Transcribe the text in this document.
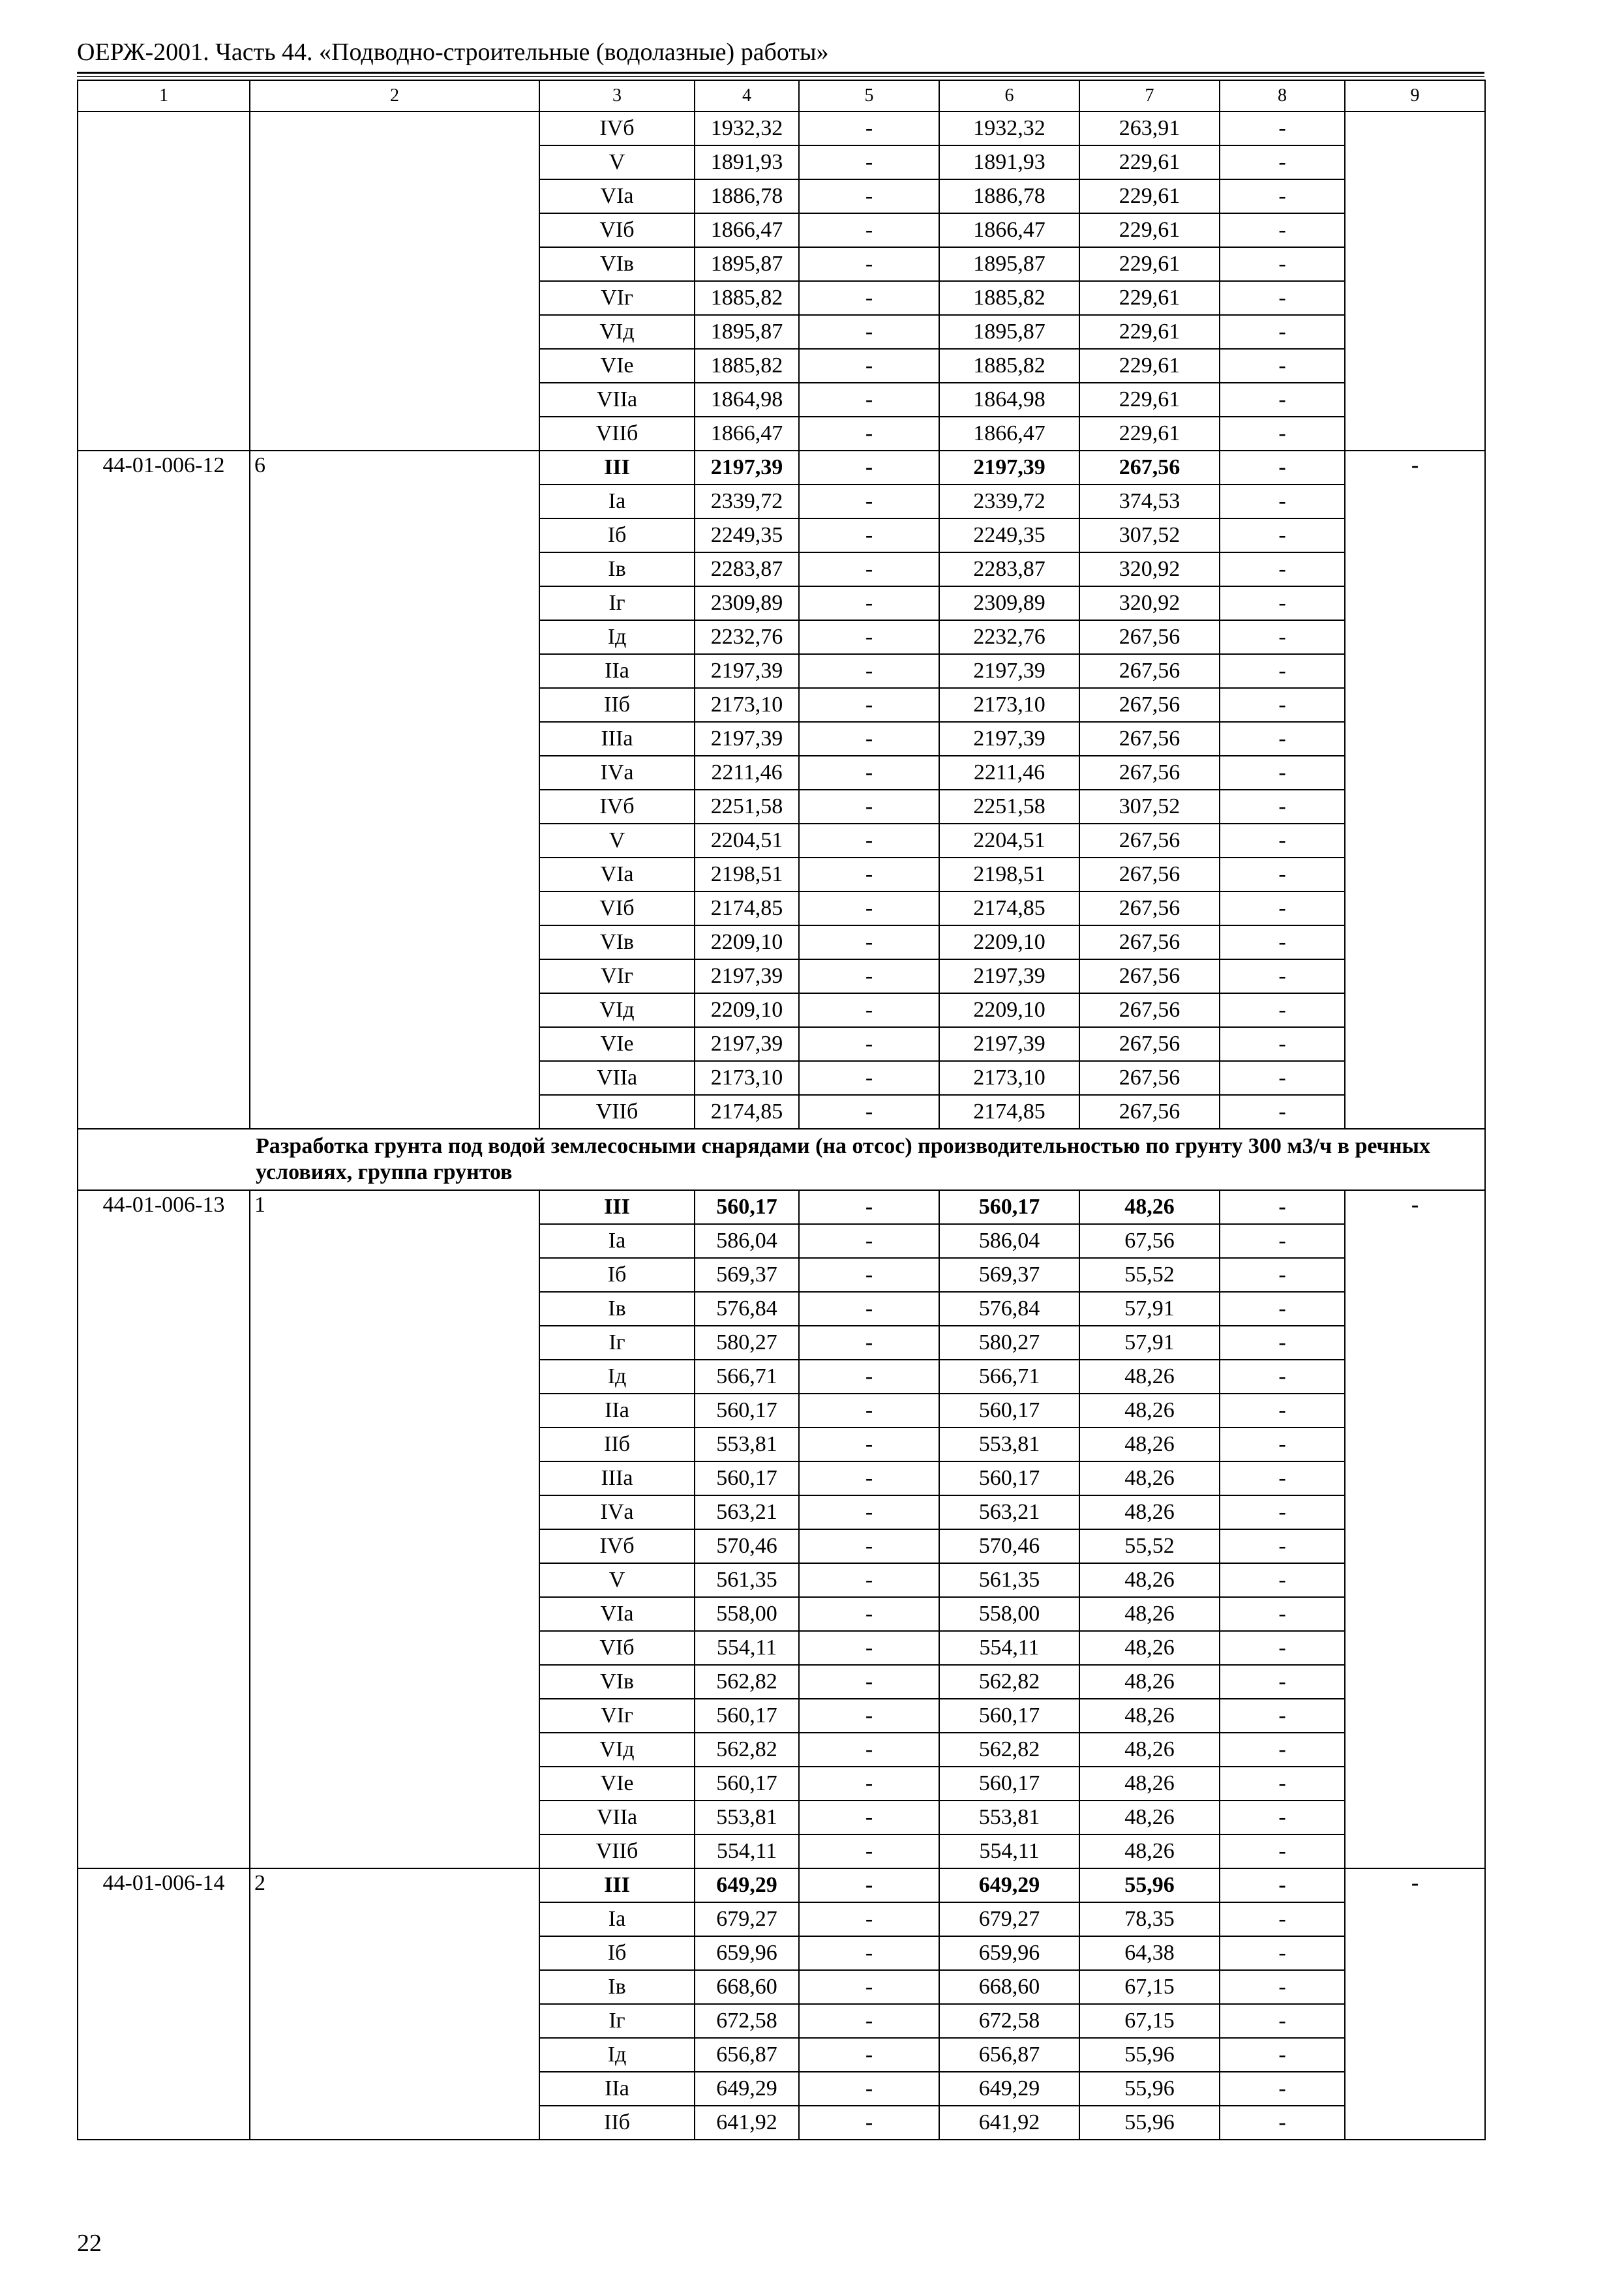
ОЕРЖ-2001. Часть 44. «Подводно-строительные (водолазные) работы»
1	2	3	4	5	6	7	8	9
		IVб	1932,32	-	1932,32	263,91	-	
		V	1891,93	-	1891,93	229,61	-	
		VIа	1886,78	-	1886,78	229,61	-	
		VIб	1866,47	-	1866,47	229,61	-	
		VIв	1895,87	-	1895,87	229,61	-	
		VIг	1885,82	-	1885,82	229,61	-	
		VIд	1895,87	-	1895,87	229,61	-	
		VIе	1885,82	-	1885,82	229,61	-	
		VIIа	1864,98	-	1864,98	229,61	-	
		VIIб	1866,47	-	1866,47	229,61	-	
44-01-006-12	6	III	2197,39	-	2197,39	267,56	-	-
		Iа	2339,72	-	2339,72	374,53	-	
		Iб	2249,35	-	2249,35	307,52	-	
		Iв	2283,87	-	2283,87	320,92	-	
		Iг	2309,89	-	2309,89	320,92	-	
		Iд	2232,76	-	2232,76	267,56	-	
		IIа	2197,39	-	2197,39	267,56	-	
		IIб	2173,10	-	2173,10	267,56	-	
		IIIа	2197,39	-	2197,39	267,56	-	
		IVа	2211,46	-	2211,46	267,56	-	
		IVб	2251,58	-	2251,58	307,52	-	
		V	2204,51	-	2204,51	267,56	-	
		VIа	2198,51	-	2198,51	267,56	-	
		VIб	2174,85	-	2174,85	267,56	-	
		VIв	2209,10	-	2209,10	267,56	-	
		VIг	2197,39	-	2197,39	267,56	-	
		VIд	2209,10	-	2209,10	267,56	-	
		VIе	2197,39	-	2197,39	267,56	-	
		VIIа	2173,10	-	2173,10	267,56	-	
		VIIб	2174,85	-	2174,85	267,56	-	
Разработка грунта под водой землесосными снарядами (на отсос) производительностью по грунту 300 м3/ч в речных условиях, группа грунтов								
44-01-006-13	1	III	560,17	-	560,17	48,26	-	-
		Iа	586,04	-	586,04	67,56	-	
		Iб	569,37	-	569,37	55,52	-	
		Iв	576,84	-	576,84	57,91	-	
		Iг	580,27	-	580,27	57,91	-	
		Iд	566,71	-	566,71	48,26	-	
		IIа	560,17	-	560,17	48,26	-	
		IIб	553,81	-	553,81	48,26	-	
		IIIа	560,17	-	560,17	48,26	-	
		IVа	563,21	-	563,21	48,26	-	
		IVб	570,46	-	570,46	55,52	-	
		V	561,35	-	561,35	48,26	-	
		VIа	558,00	-	558,00	48,26	-	
		VIб	554,11	-	554,11	48,26	-	
		VIв	562,82	-	562,82	48,26	-	
		VIг	560,17	-	560,17	48,26	-	
		VIд	562,82	-	562,82	48,26	-	
		VIе	560,17	-	560,17	48,26	-	
		VIIа	553,81	-	553,81	48,26	-	
		VIIб	554,11	-	554,11	48,26	-	
44-01-006-14	2	III	649,29	-	649,29	55,96	-	-
		Iа	679,27	-	679,27	78,35	-	
		Iб	659,96	-	659,96	64,38	-	
		Iв	668,60	-	668,60	67,15	-	
		Iг	672,58	-	672,58	67,15	-	
		Iд	656,87	-	656,87	55,96	-	
		IIа	649,29	-	649,29	55,96	-	
		IIб	641,92	-	641,92	55,96	-	
22
